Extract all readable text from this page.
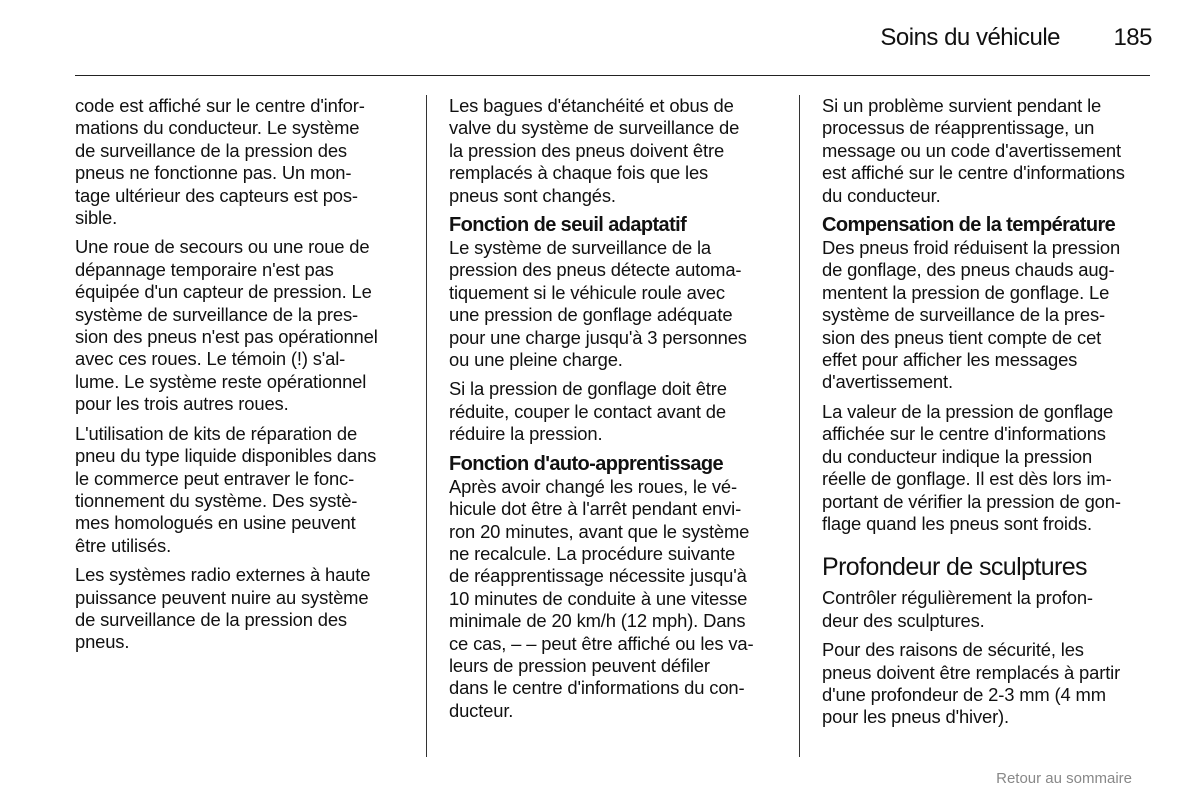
Soins du véhicule	185

code est affiché sur le centre d'infor-
mations du conducteur. Le système
de surveillance de la pression des
pneus ne fonctionne pas. Un mon-
tage ultérieur des capteurs est pos-
sible.

Une roue de secours ou une roue de
dépannage temporaire n'est pas
équipée d'un capteur de pression. Le
système de surveillance de la pres-
sion des pneus n'est pas opérationnel
avec ces roues. Le témoin (!) s'al-
lume. Le système reste opérationnel
pour les trois autres roues.

L'utilisation de kits de réparation de
pneu du type liquide disponibles dans
le commerce peut entraver le fonc-
tionnement du système. Des systè-
mes homologués en usine peuvent
être utilisés.

Les systèmes radio externes à haute
puissance peuvent nuire au système
de surveillance de la pression des
pneus.

Les bagues d'étanchéité et obus de
valve du système de surveillance de
la pression des pneus doivent être
remplacés à chaque fois que les
pneus sont changés.

Fonction de seuil adaptatif

Le système de surveillance de la
pression des pneus détecte automa-
tiquement si le véhicule roule avec
une pression de gonflage adéquate
pour une charge jusqu'à 3 personnes
ou une pleine charge.

Si la pression de gonflage doit être
réduite, couper le contact avant de
réduire la pression.

Fonction d'auto-apprentissage

Après avoir changé les roues, le vé-
hicule dot être à l'arrêt pendant envi-
ron 20 minutes, avant que le système
ne recalcule. La procédure suivante
de réapprentissage nécessite jusqu'à
10 minutes de conduite à une vitesse
minimale de 20 km/h (12 mph). Dans
ce cas, – – peut être affiché ou les va-
leurs de pression peuvent défiler
dans le centre d'informations du con-
ducteur.

Si un problème survient pendant le
processus de réapprentissage, un
message ou un code d'avertissement
est affiché sur le centre d'informations
du conducteur.

Compensation de la température

Des pneus froid réduisent la pression
de gonflage, des pneus chauds aug-
mentent la pression de gonflage. Le
système de surveillance de la pres-
sion des pneus tient compte de cet
effet pour afficher les messages
d'avertissement.

La valeur de la pression de gonflage
affichée sur le centre d'informations
du conducteur indique la pression
réelle de gonflage. Il est dès lors im-
portant de vérifier la pression de gon-
flage quand les pneus sont froids.

Profondeur de sculptures

Contrôler régulièrement la profon-
deur des sculptures.

Pour des raisons de sécurité, les
pneus doivent être remplacés à partir
d'une profondeur de 2-3 mm (4 mm
pour les pneus d'hiver).

Retour au sommaire
